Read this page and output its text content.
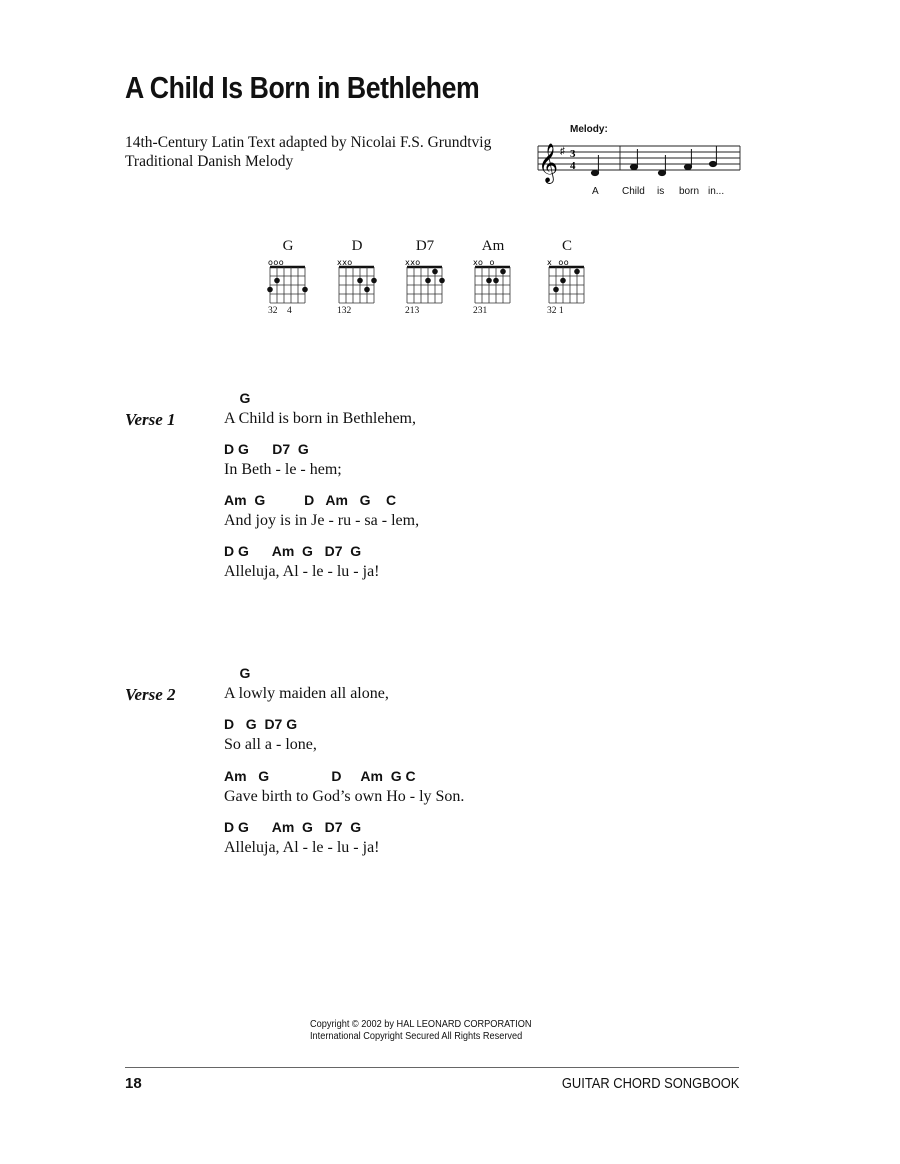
A Child Is Born in Bethlehem
14th-Century Latin Text adapted by Nicolai F.S. Grundtvig
Traditional Danish Melody
Melody:
𝄞 ♯ 3
4
A Child is born in...
G
ooo
32    4
D
xxo
132
D7
xxo
213
Am
xo  o
231
C
x  oo
32 1
Verse 1
G
A Child is born in Bethlehem,
D G      D7  G
In Beth - le - hem;
Am  G          D   Am   G    C
And joy is in Je - ru - sa - lem,
D G      Am  G   D7  G
Alleluja, Al - le - lu - ja!
Verse 2
G
A lowly maiden all alone,
D   G  D7 G
So all a - lone,
Am   G                D     Am  G C
Gave birth to God’s own Ho - ly Son.
D G      Am  G   D7  G
Alleluja, Al - le - lu - ja!
Copyright © 2002 by HAL LEONARD CORPORATION
International Copyright Secured All Rights Reserved
18	GUITAR CHORD SONGBOOK
